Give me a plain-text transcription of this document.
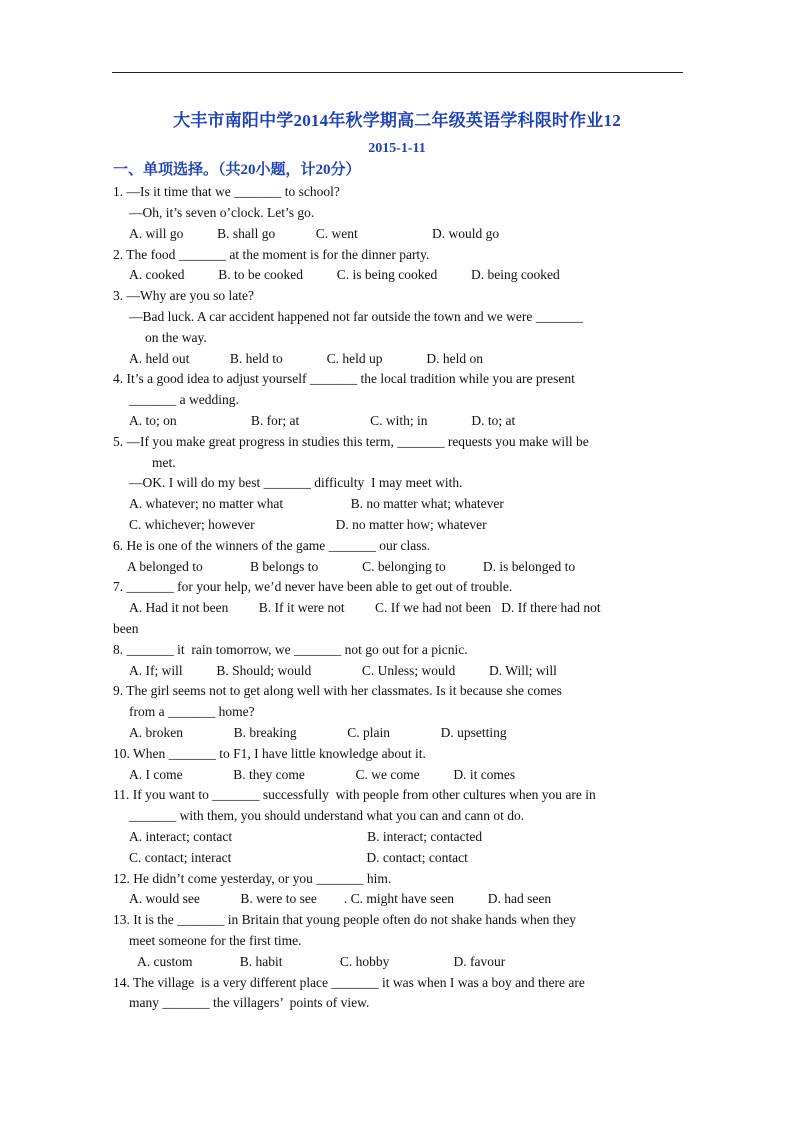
大丰市南阳中学2014年秋学期高二年级英语学科限时作业12
2015-1-11
一、单项选择。（共20小题，计20分）
1. —Is it time that we _______ to school?
—Oh, it’s seven o’clock. Let’s go.
A. will go          B. shall go            C. went                      D. would go
2. The food _______ at the moment is for the dinner party.
A. cooked          B. to be cooked          C. is being cooked          D. being cooked
3. —Why are you so late?
—Bad luck. A car accident happened not far outside the town and we were _______
on the way.
A. held out            B. held to             C. held up             D. held on
4. It’s a good idea to adjust yourself _______ the local tradition while you are present
_______ a wedding.
A. to; on                      B. for; at                     C. with; in             D. to; at
5. —If you make great progress in studies this term, _______ requests you make will be
met.
—OK. I will do my best _______ difficulty  I may meet with.
A. whatever; no matter what                    B. no matter what; whatever
C. whichever; however                        D. no matter how; whatever
6. He is one of the winners of the game _______ our class.
A belonged to              B belongs to             C. belonging to           D. is belonged to
7. _______ for your help, we’d never have been able to get out of trouble.
A. Had it not been         B. If it were not         C. If we had not been   D. If there had not
been
8. _______ it  rain tomorrow, we _______ not go out for a picnic.
A. If; will          B. Should; would               C. Unless; would          D. Will; will
9. The girl seems not to get along well with her classmates. Is it because she comes
from a _______ home?
A. broken               B. breaking               C. plain               D. upsetting
10. When _______ to F1, I have little knowledge about it.
A. I come               B. they come               C. we come          D. it comes
11. If you want to _______ successfully  with people from other cultures when you are in
_______ with them, you should understand what you can and cann ot do.
A. interact; contact                                        B. interact; contacted
C. contact; interact                                        D. contact; contact
12. He didn’t come yesterday, or you _______ him.
A. would see            B. were to see        . C. might have seen          D. had seen
13. It is the _______ in Britain that young people often do not shake hands when they
meet someone for the first time.
A. custom              B. habit                 C. hobby                   D. favour
14. The village  is a very different place _______ it was when I was a boy and there are
many _______ the villagers’  points of view.
